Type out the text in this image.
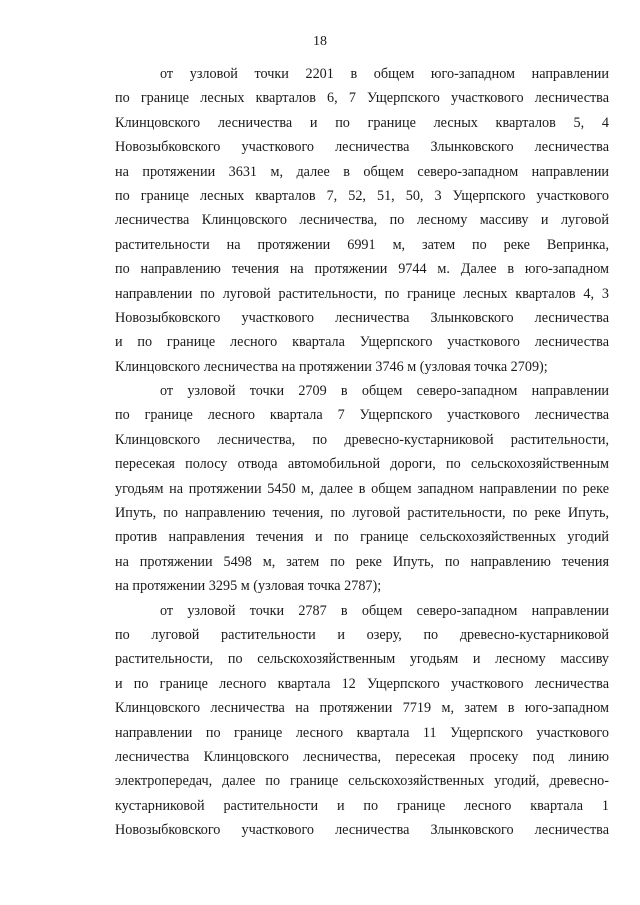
18
от узловой точки 2201 в общем юго-западном направлении
по границе лесных кварталов 6, 7 Ущерпского участкового лесничества
Клинцовского лесничества и по границе лесных кварталов 5, 4
Новозыбковского участкового лесничества Злынковского лесничества
на протяжении 3631 м, далее в общем северо-западном направлении
по границе лесных кварталов 7, 52, 51, 50, 3 Ущерпского участкового
лесничества Клинцовского лесничества, по лесному массиву и луговой
растительности на протяжении 6991 м, затем по реке Вепринка,
по направлению течения на протяжении 9744 м. Далее в юго-западном
направлении по луговой растительности, по границе лесных кварталов 4, 3
Новозыбковского участкового лесничества Злынковского лесничества
и по границе лесного квартала Ущерпского участкового лесничества
Клинцовского лесничества на протяжении 3746 м (узловая точка 2709);
от узловой точки 2709 в общем северо-западном направлении
по границе лесного квартала 7 Ущерпского участкового лесничества
Клинцовского лесничества, по древесно-кустарниковой растительности,
пересекая полосу отвода автомобильной дороги, по сельскохозяйственным
угодьям на протяжении 5450 м, далее в общем западном направлении по реке
Ипуть, по направлению течения, по луговой растительности, по реке Ипуть,
против направления течения и по границе сельскохозяйственных угодий
на протяжении 5498 м, затем по реке Ипуть, по направлению течения
на протяжении 3295 м (узловая точка 2787);
от узловой точки 2787 в общем северо-западном направлении
по луговой растительности и озеру, по древесно-кустарниковой
растительности, по сельскохозяйственным угодьям и лесному массиву
и по границе лесного квартала 12 Ущерпского участкового лесничества
Клинцовского лесничества на протяжении 7719 м, затем в юго-западном
направлении по границе лесного квартала 11 Ущерпского участкового
лесничества Клинцовского лесничества, пересекая просеку под линию
электропередач, далее по границе сельскохозяйственных угодий, древесно-
кустарниковой растительности и по границе лесного квартала 1
Новозыбковского участкового лесничества Злынковского лесничества
